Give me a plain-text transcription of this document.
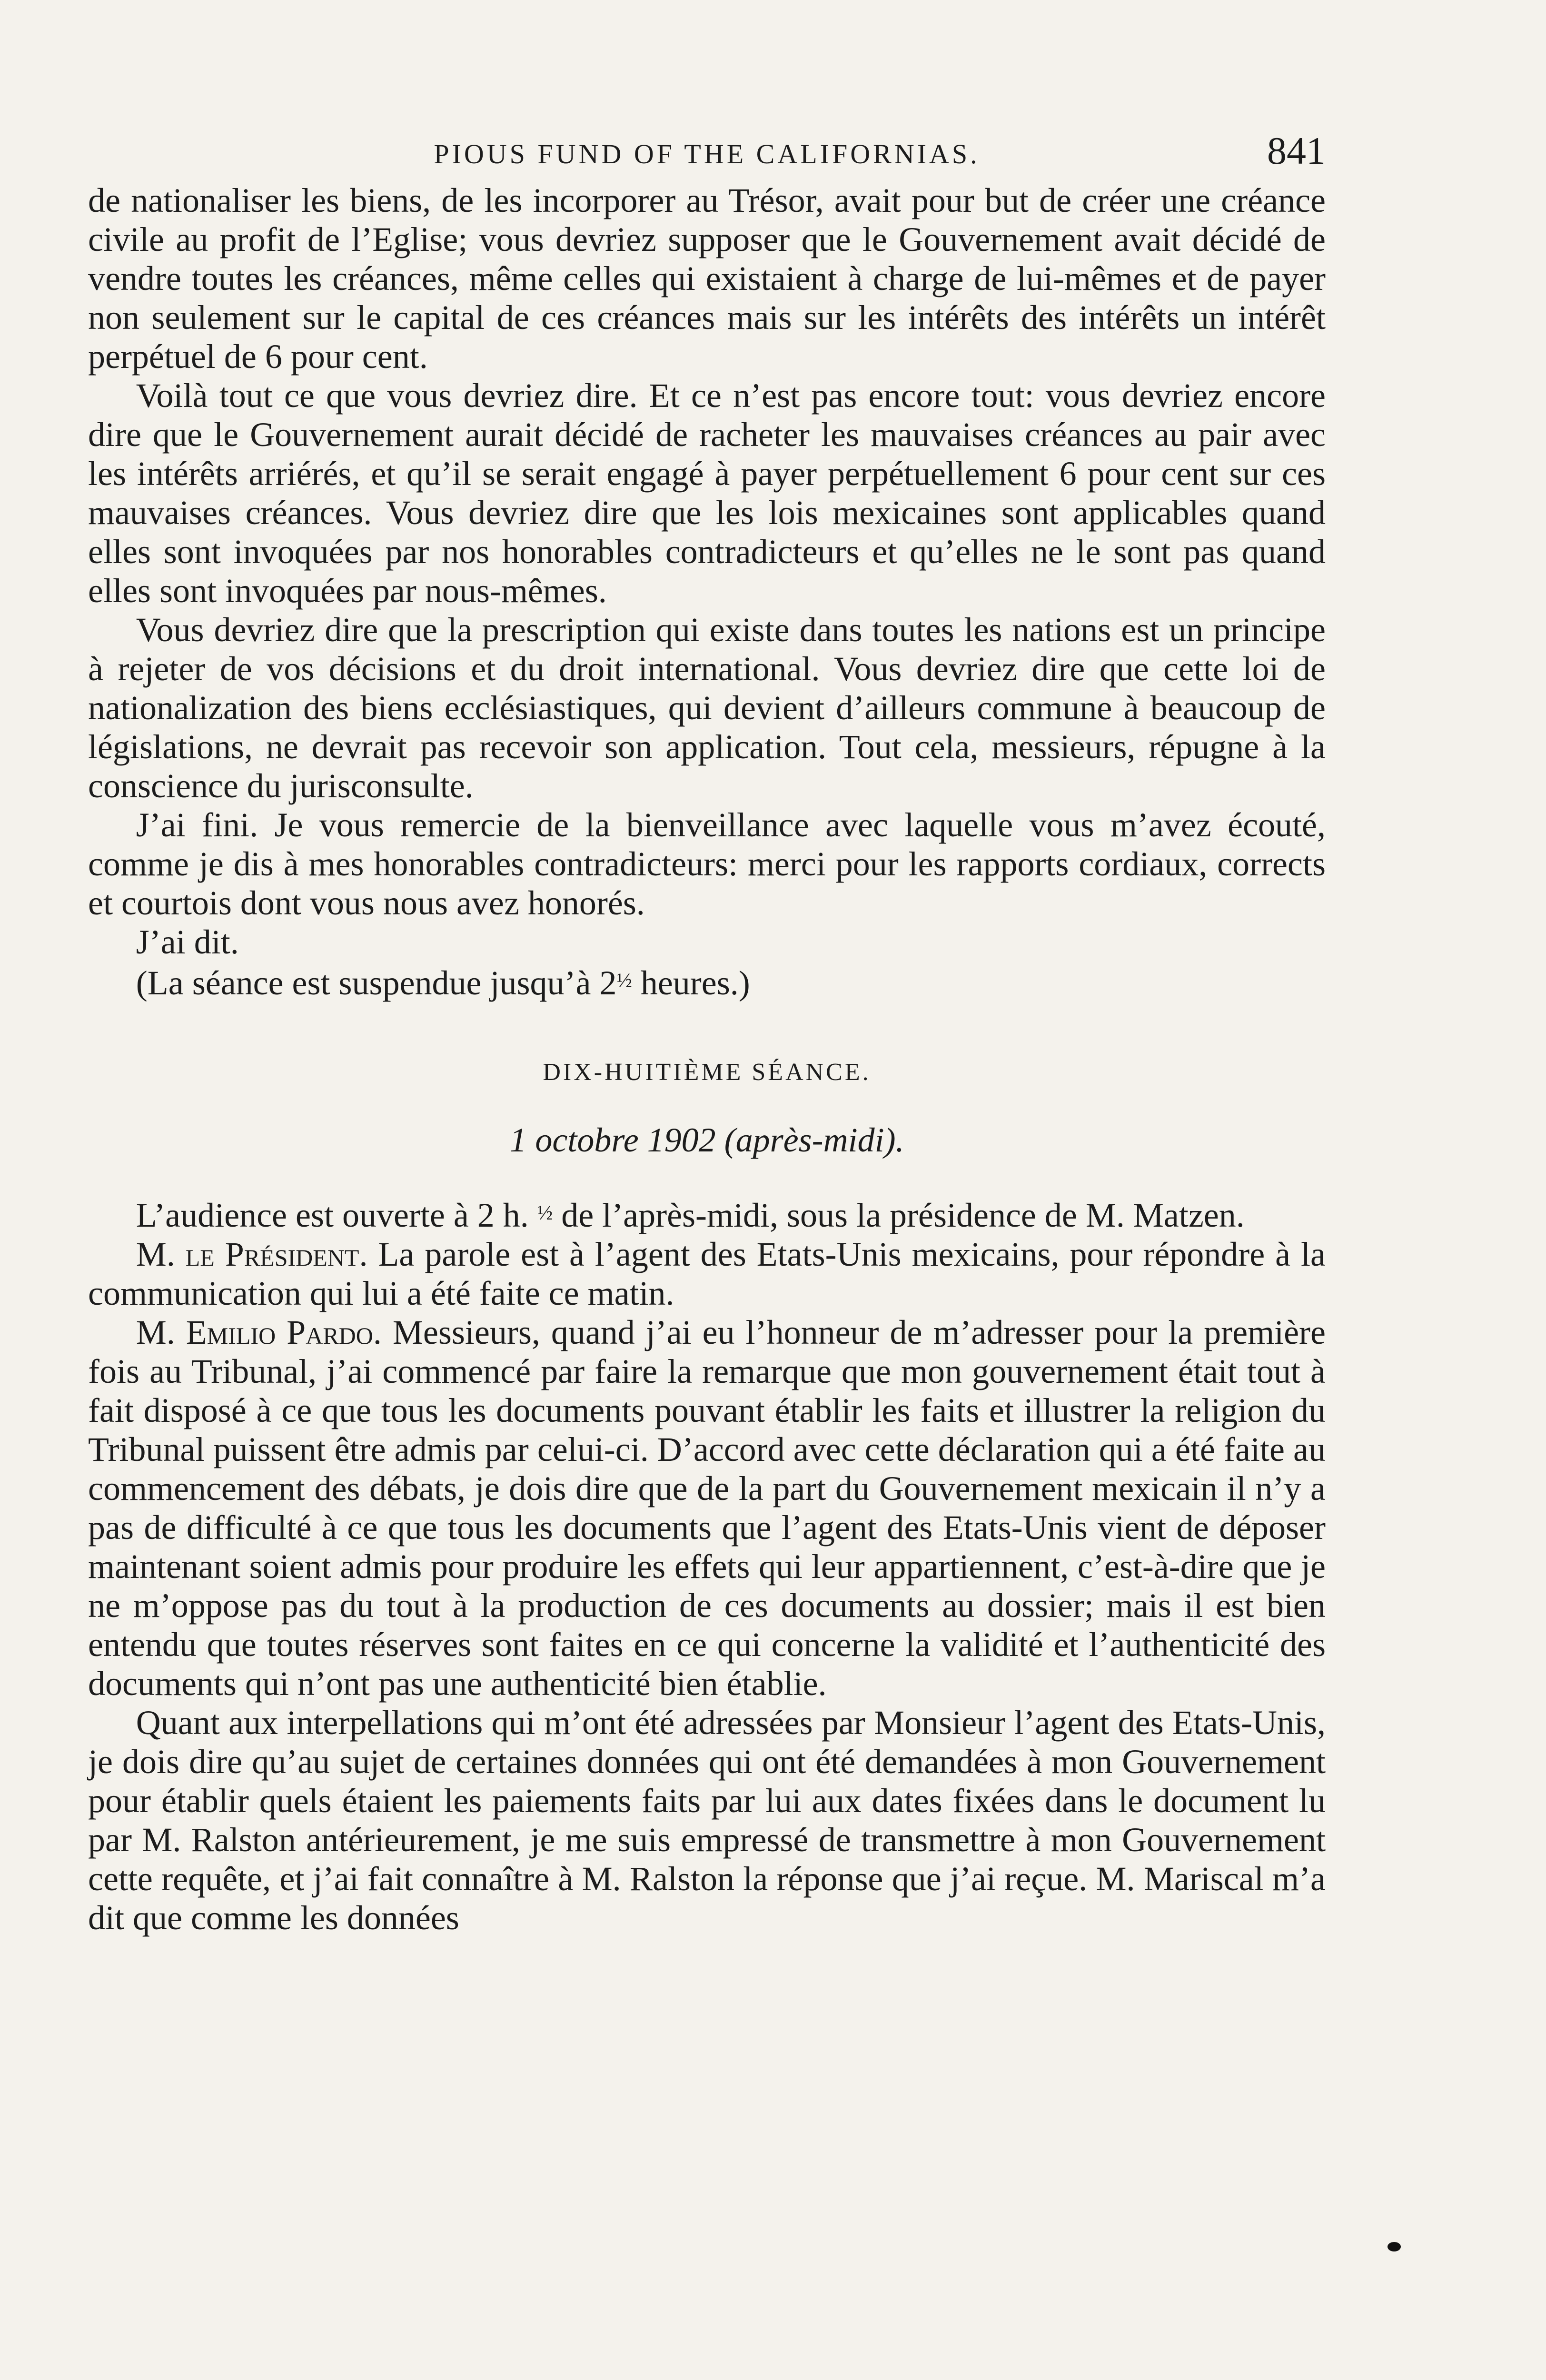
PIOUS FUND OF THE CALIFORNIAS.	841

de nationaliser les biens, de les incorporer au Trésor, avait pour but de créer une créance civile au profit de l’Eglise; vous devriez supposer que le Gouvernement avait décidé de vendre toutes les créances, même celles qui existaient à charge de lui-mêmes et de payer non seulement sur le capital de ces créances mais sur les intérêts des intérêts un intérêt perpétuel de 6 pour cent.

Voilà tout ce que vous devriez dire. Et ce n’est pas encore tout: vous devriez encore dire que le Gouvernement aurait décidé de racheter les mauvaises créances au pair avec les intérêts arriérés, et qu’il se serait engagé à payer perpétuellement 6 pour cent sur ces mauvaises créances. Vous devriez dire que les lois mexicaines sont applicables quand elles sont invoquées par nos honorables contradicteurs et qu’elles ne le sont pas quand elles sont invoquées par nous-mêmes.

Vous devriez dire que la prescription qui existe dans toutes les nations est un principe à rejeter de vos décisions et du droit international. Vous devriez dire que cette loi de nationalization des biens ecclésiastiques, qui devient d’ailleurs commune à beaucoup de législations, ne devrait pas recevoir son application. Tout cela, messieurs, répugne à la conscience du jurisconsulte.

J’ai fini. Je vous remercie de la bienveillance avec laquelle vous m’avez écouté, comme je dis à mes honorables contradicteurs: merci pour les rapports cordiaux, corrects et courtois dont vous nous avez honorés.

J’ai dit.

(La séance est suspendue jusqu’à $2^{\frac{1}{2}}$ heures.)

DIX-HUITIÈME SÉANCE.
1 octobre 1902 (après-midi).

L’audience est ouverte à 2 h. $^{\frac{1}{2}}$ de l’après-midi, sous la présidence de M. Matzen.

M. le Président. La parole est à l’agent des Etats-Unis mexicains, pour répondre à la communication qui lui a été faite ce matin.

M. Emilio Pardo. Messieurs, quand j’ai eu l’honneur de m’adresser pour la première fois au Tribunal, j’ai commencé par faire la remarque que mon gouvernement était tout à fait disposé à ce que tous les documents pouvant établir les faits et illustrer la religion du Tribunal puissent être admis par celui-ci. D’accord avec cette déclaration qui a été faite au commencement des débats, je dois dire que de la part du Gouvernement mexicain il n’y a pas de difficulté à ce que tous les documents que l’agent des Etats-Unis vient de déposer maintenant soient admis pour produire les effets qui leur appartiennent, c’est-à-dire que je ne m’oppose pas du tout à la production de ces documents au dossier; mais il est bien entendu que toutes réserves sont faites en ce qui concerne la validité et l’authenticité des documents qui n’ont pas une authenticité bien établie.

Quant aux interpellations qui m’ont été adressées par Monsieur l’agent des Etats-Unis, je dois dire qu’au sujet de certaines données qui ont été demandées à mon Gouvernement pour établir quels étaient les paiements faits par lui aux dates fixées dans le document lu par M. Ralston antérieurement, je me suis empressé de transmettre à mon Gouvernement cette requête, et j’ai fait connaître à M. Ralston la réponse que j’ai reçue. M. Mariscal m’a dit que comme les données
